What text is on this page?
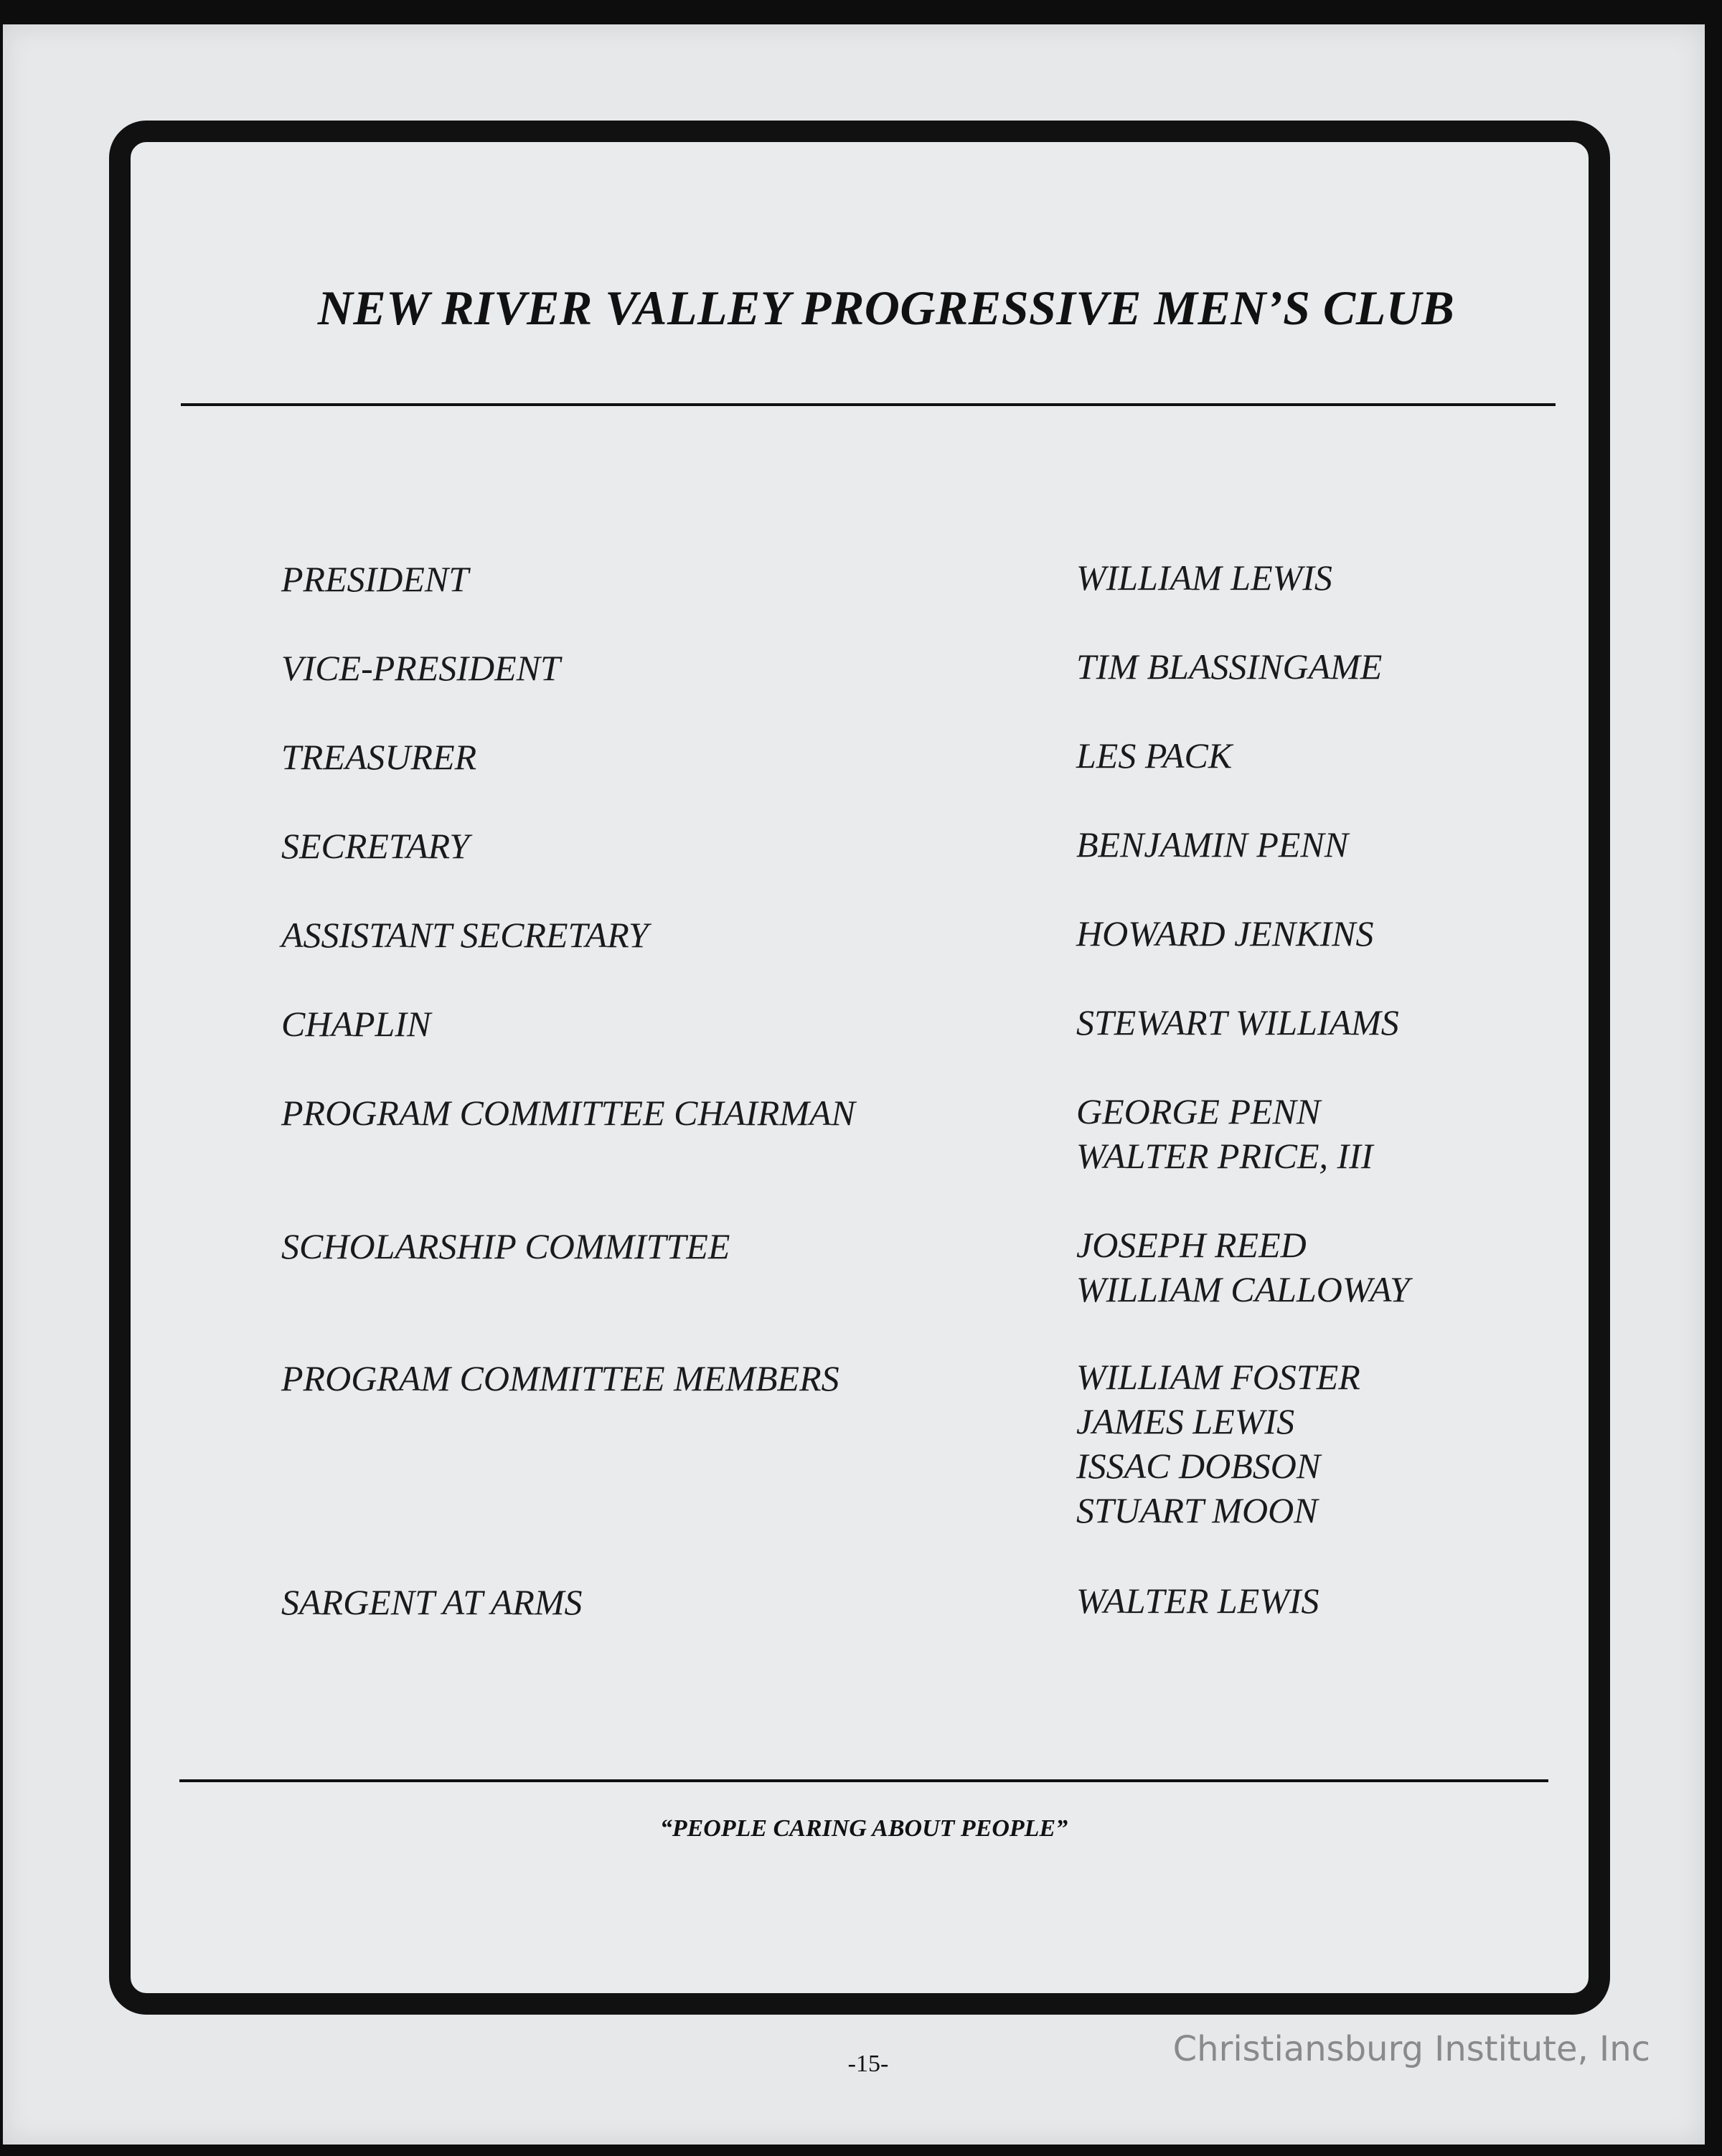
NEW RIVER VALLEY PROGRESSIVE MEN’S CLUB
PRESIDENT	WILLIAM LEWIS
VICE-PRESIDENT	TIM BLASSINGAME
TREASURER	LES PACK
SECRETARY	BENJAMIN PENN
ASSISTANT SECRETARY	HOWARD JENKINS
CHAPLIN	STEWART WILLIAMS
PROGRAM COMMITTEE CHAIRMAN	GEORGE PENN
WALTER PRICE, III
SCHOLARSHIP COMMITTEE	JOSEPH REED
WILLIAM CALLOWAY
PROGRAM COMMITTEE MEMBERS	WILLIAM FOSTER
JAMES LEWIS
ISSAC DOBSON
STUART MOON
SARGENT AT ARMS	WALTER LEWIS
“PEOPLE CARING ABOUT PEOPLE”
-15-	Christiansburg Institute, Inc
